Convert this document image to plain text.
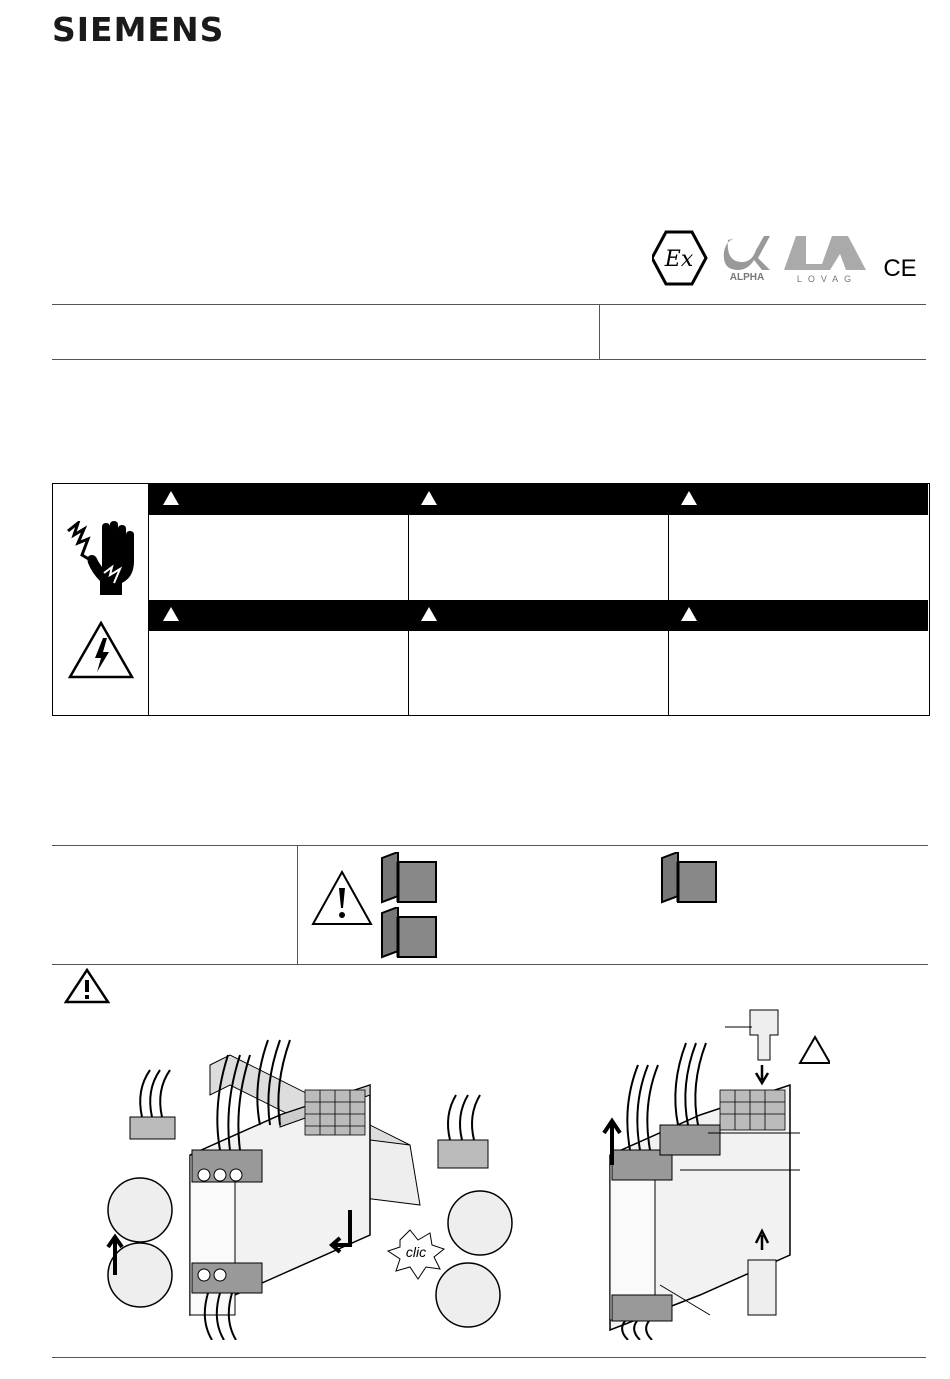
SIEMENS
Ex
ALPHA	LOVAG CE
clic
